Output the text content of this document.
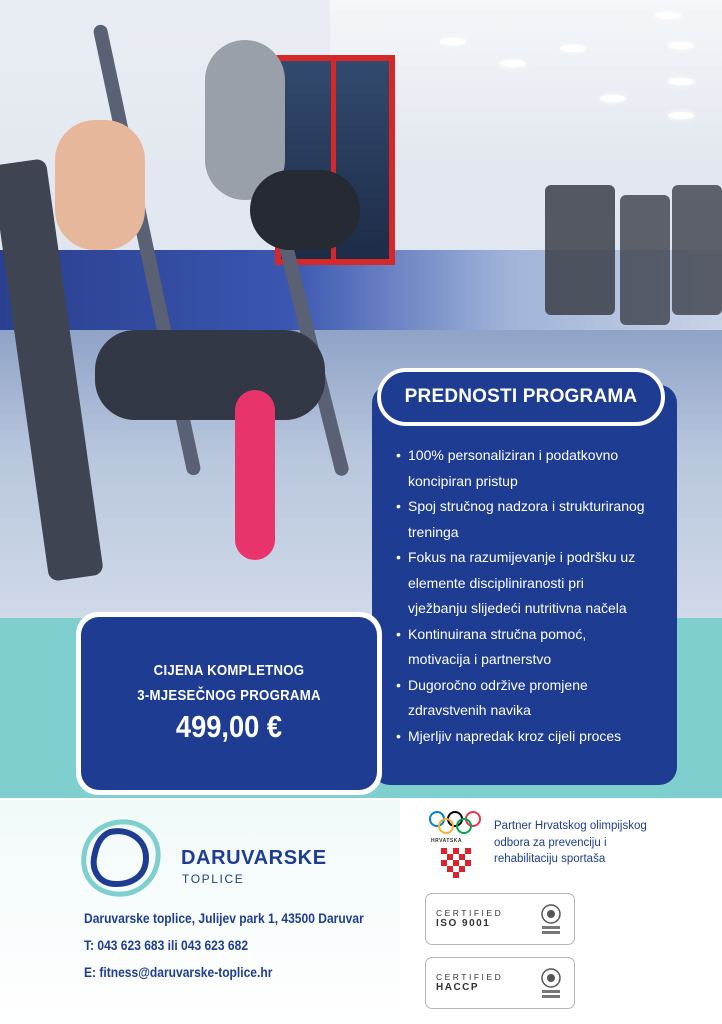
• 100% personaliziran i podatkovno
koncipiran pristup
• Spoj stručnog nadzora i strukturiranog
treninga
• Fokus na razumijevanje i podršku uz
elemente discipliniranosti pri
vježbanju slijedeći nutritivna načela
• Kontinuirana stručna pomoć,
motivacija i partnerstvo
• Dugoročno održive promjene
zdravstvenih navika
• Mjerljiv napredak kroz cijeli proces
PREDNOSTI PROGRAMA
CIJENA KOMPLETNOG
3-MJESEČNOG PROGRAMA
499,00 €
DARUVARSKE
TOPLICE
Daruvarske toplice, Julijev park 1, 43500 Daruvar
T: 043 623 683 ili 043 623 682
E: fitness@daruvarske-toplice.hr
HRVATSKA
Partner Hrvatskog olimpijskog
odbora za prevenciju i
rehabilitaciju sportaša
CERTIFIED
ISO 9001
CERTIFIED
HACCP
